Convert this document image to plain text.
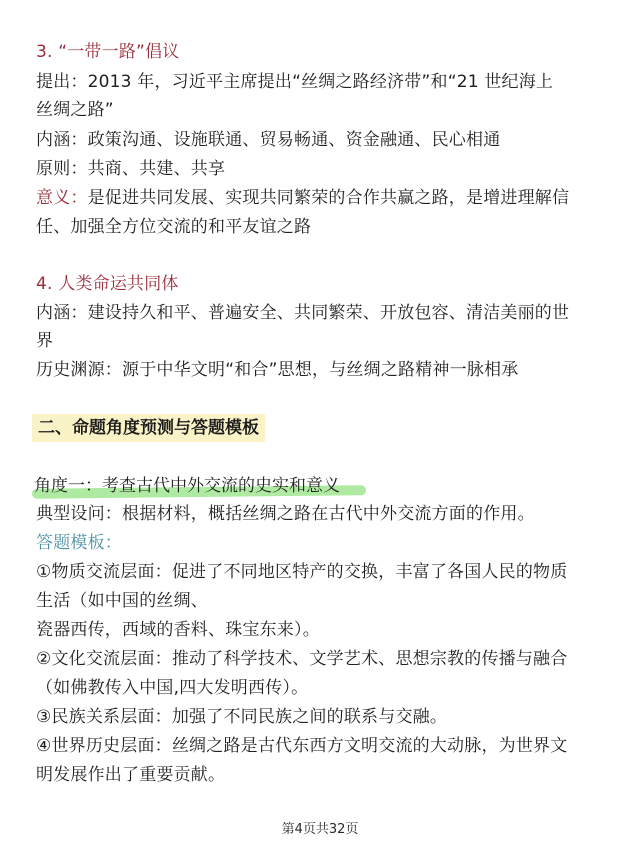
3. “一带一路”倡议
提出：2013 年，习近平主席提出“丝绸之路经济带”和“21 世纪海上
丝绸之路”
内涵：政策沟通、设施联通、贸易畅通、资金融通、民心相通
原则：共商、共建、共享
意义：是促进共同发展、实现共同繁荣的合作共赢之路，是增进理解信
任、加强全方位交流的和平友谊之路
4. 人类命运共同体
内涵：建设持久和平、普遍安全、共同繁荣、开放包容、清洁美丽的世
界
历史渊源：源于中华文明“和合”思想，与丝绸之路精神一脉相承
二、命题角度预测与答题模板
角度一：考查古代中外交流的史实和意义
典型设问：根据材料，概括丝绸之路在古代中外交流方面的作用。
答题模板：
①物质交流层面：促进了不同地区特产的交换，丰富了各国人民的物质
生活（如中国的丝绸、
瓷器西传，西域的香料、珠宝东来）。
②文化交流层面：推动了科学技术、文学艺术、思想宗教的传播与融合
（如佛教传入中国,四大发明西传）。
③民族关系层面：加强了不同民族之间的联系与交融。
④世界历史层面：丝绸之路是古代东西方文明交流的大动脉，为世界文
明发展作出了重要贡献。
第4页共32页
